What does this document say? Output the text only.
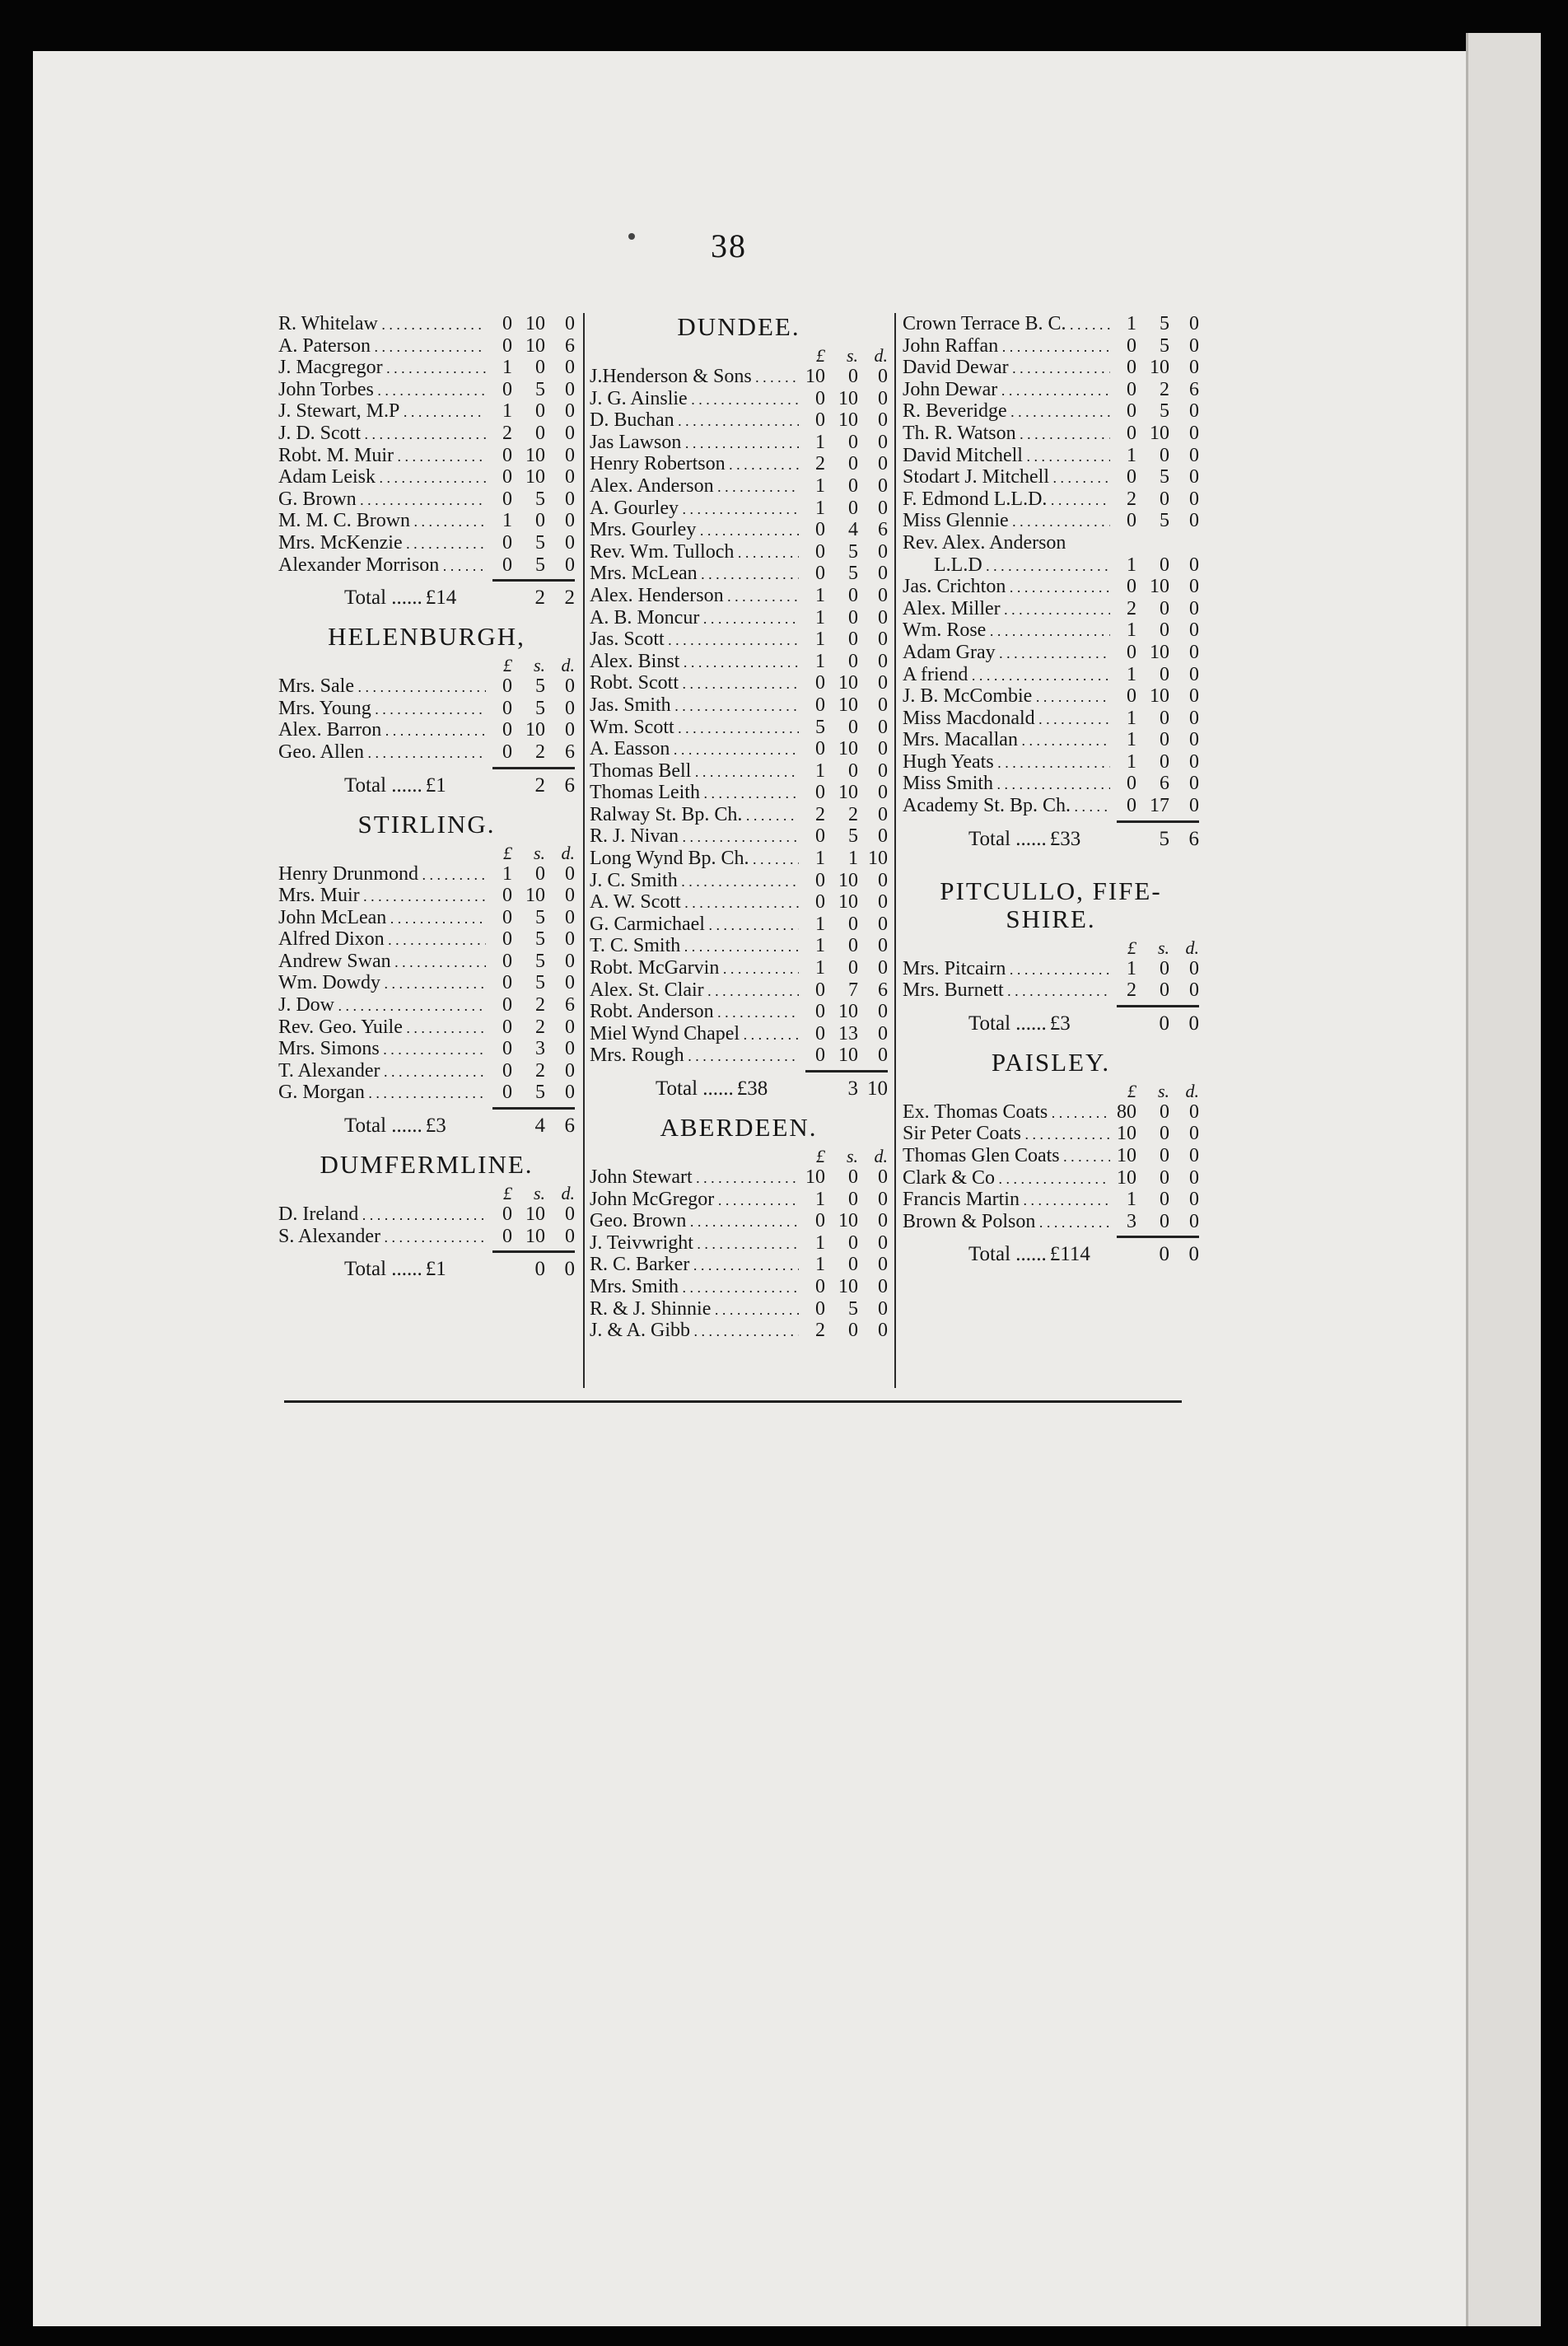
38
R. Whitelaw . . .	0 10	0
A. Paterson . . .	0 10	6
J. Macgregor . . .	1	0	0
John Torbes . . .	0	5	0
J. Stewart, M.P . . .	1	0	0
J. D. Scott . . .	2	0	0
Robt. M. Muir . . .	0 10	0
Adam Leisk . . .	0 10	0
G. Brown . . .	0	5	0
M. M. C. Brown . . .	1	0	0
Mrs. McKenzie . . .	0	5	0
Alexander Morrison . . .	0	5	0
Total ...... £14	2 2
HELENBURGH,
£	s. d.
Mrs. Sale . . .	0	5	0
Mrs. Young . . .	0	5	0
Alex. Barron . . .	0 10	0
Geo. Allen . . .	0	2	6
Total ...... £1	2 6
STIRLING.
£	s. d.
Henry Drunmond . . .	1	0	0
Mrs. Muir . . .	0 10	0
John McLean . . .	0	5	0
Alfred Dixon . . .	0	5	0
Andrew Swan . . .	0	5	0
Wm. Dowdy . . .	0	5	0
J. Dow . . .	0	2	6
Rev. Geo. Yuile . . .	0	2	0
Mrs. Simons . . .	0	3	0
T. Alexander . . .	0	2	0
G. Morgan . . .	0	5	0
Total ...... £3	4 6
DUMFERMLINE.
£	s. d.
D. Ireland . . .	0 10	0
S. Alexander . . .	0 10	0
Total ...... £1	0 0
DUNDEE.
£	s. d.
J.Henderson & Sons . . .	10	0	0
J. G. Ainslie . . .	0 10	0
D. Buchan . . .	0 10	0
Jas Lawson . . .	1	0	0
Henry Robertson . . .	2	0	0
Alex. Anderson . . .	1	0	0
A. Gourley . . .	1	0	0
Mrs. Gourley . . .	0	4	6
Rev. Wm. Tulloch . . .	0	5	0
Mrs. McLean . . .	0	5	0
Alex. Henderson . . .	1	0	0
A. B. Moncur . . .	1	0	0
Jas. Scott . . .	1	0	0
Alex. Binst . . .	1	0	0
Robt. Scott . . .	0 10	0
Jas. Smith . . .	0 10	0
Wm. Scott . . .	5	0	0
A. Easson . . .	0 10	0
Thomas Bell . . .	1	0	0
Thomas Leith . . .	0 10	0
Ralway St. Bp. Ch. . . .	2	2	0
R. J. Nivan . . .	0	5	0
Long Wynd Bp. Ch. . . .	1	1 10
J. C. Smith . . .	0 10	0
A. W. Scott . . .	0 10	0
G. Carmichael . . .	1	0	0
T. C. Smith . . .	1	0	0
Robt. McGarvin . . .	1	0	0
Alex. St. Clair . . .	0	7	6
Robt. Anderson . . .	0 10	0
Miel Wynd Chapel . . .	0 13	0
Mrs. Rough . . .	0 10	0
Total ...... £38	3 10
ABERDEEN.
£	s. d.
John Stewart . . .	10	0	0
John McGregor . . .	1	0	0
Geo. Brown . . .	0 10	0
J. Teivwright . . .	1	0	0
R. C. Barker . . .	1	0	0
Mrs. Smith . . .	0 10	0
R. & J. Shinnie . . .	0	5	0
J. & A. Gibb . . .	2	0	0
Crown Terrace B. C. . . .	1	5	0
John Raffan . . .	0	5	0
David Dewar . . .	0 10	0
John Dewar . . .	0	2	6
R. Beveridge . . .	0	5	0
Th. R. Watson . . .	0 10	0
David Mitchell . . .	1	0	0
Stodart J. Mitchell . . .	0	5	0
F. Edmond L.L.D. . . .	2	0	0
Miss Glennie . . .	0	5	0
Rev. Alex. Anderson
L.L.D . . .	1	0	0
Jas. Crichton . . .	0 10	0
Alex. Miller . . .	2	0	0
Wm. Rose . . .	1	0	0
Adam Gray . . .	0 10	0
A friend . . .	1	0	0
J. B. McCombie . . .	0 10	0
Miss Macdonald . . .	1	0	0
Mrs. Macallan . . .	1	0	0
Hugh Yeats . . .	1	0	0
Miss Smith . . .	0	6	0
Academy St. Bp. Ch. . . .	0 17	0
Total ...... £33	5 6
PITCULLO, FIFE-
SHIRE.
£	s. d.
Mrs. Pitcairn . . .	1	0	0
Mrs. Burnett . . .	2	0	0
Total ...... £3	0 0
PAISLEY.
£	s. d.
Ex. Thomas Coats . . .	80	0	0
Sir Peter Coats . . .	10	0	0
Thomas Glen Coats . . .	10	0	0
Clark & Co . . .	10	0	0
Francis Martin . . .	1	0	0
Brown & Polson . . .	3	0	0
Total ...... £114	0 0
